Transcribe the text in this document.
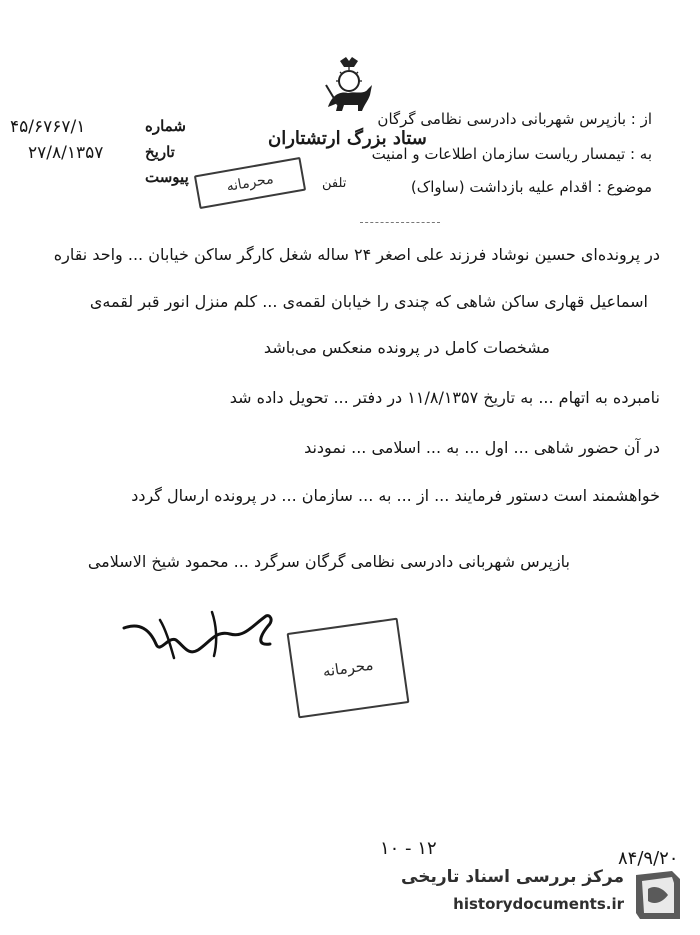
۴۵/۶۷۶۷/۱	شماره
۲۷/۸/۱۳۵۷	تاریخ
پیوست
ستاد بزرگ ارتشتاران
تلفن
محرمانه
از : بازپرس شهربانی دادرسی نظامی گرگان
به : تیمسار ریاست سازمان اطلاعات و امنیت
موضوع : اقدام علیه بازداشت (ساواک)
در پرونده‌ای حسین نوشاد فرزند علی اصغر ۲۴ ساله شغل کارگر ساکن خیابان ... واحد نقاره
اسماعیل قهاری ساکن شاهی که چندی را خیابان لقمه‌ی ... کلم منزل انور قبر لقمه‌ی
مشخصات کامل در پرونده منعکس می‌باشد
نامبرده به اتهام ... به تاریخ ۱۱/۸/۱۳۵۷ در دفتر ... تحویل داده شد
در آن حضور شاهی ... اول ... به ... اسلامی ... نمودند
خواهشمند است دستور فرمایند ... از ... به ... سازمان ... در پرونده ارسال گردد
بازپرس شهربانی دادرسی نظامی گرگان سرگرد ... محمود شیخ الاسلامی
محرمانه
۱۰ - ۱۲	۸۴/۹/۲۰
مرکز بررسی اسناد تاریخی
historydocuments.ir
